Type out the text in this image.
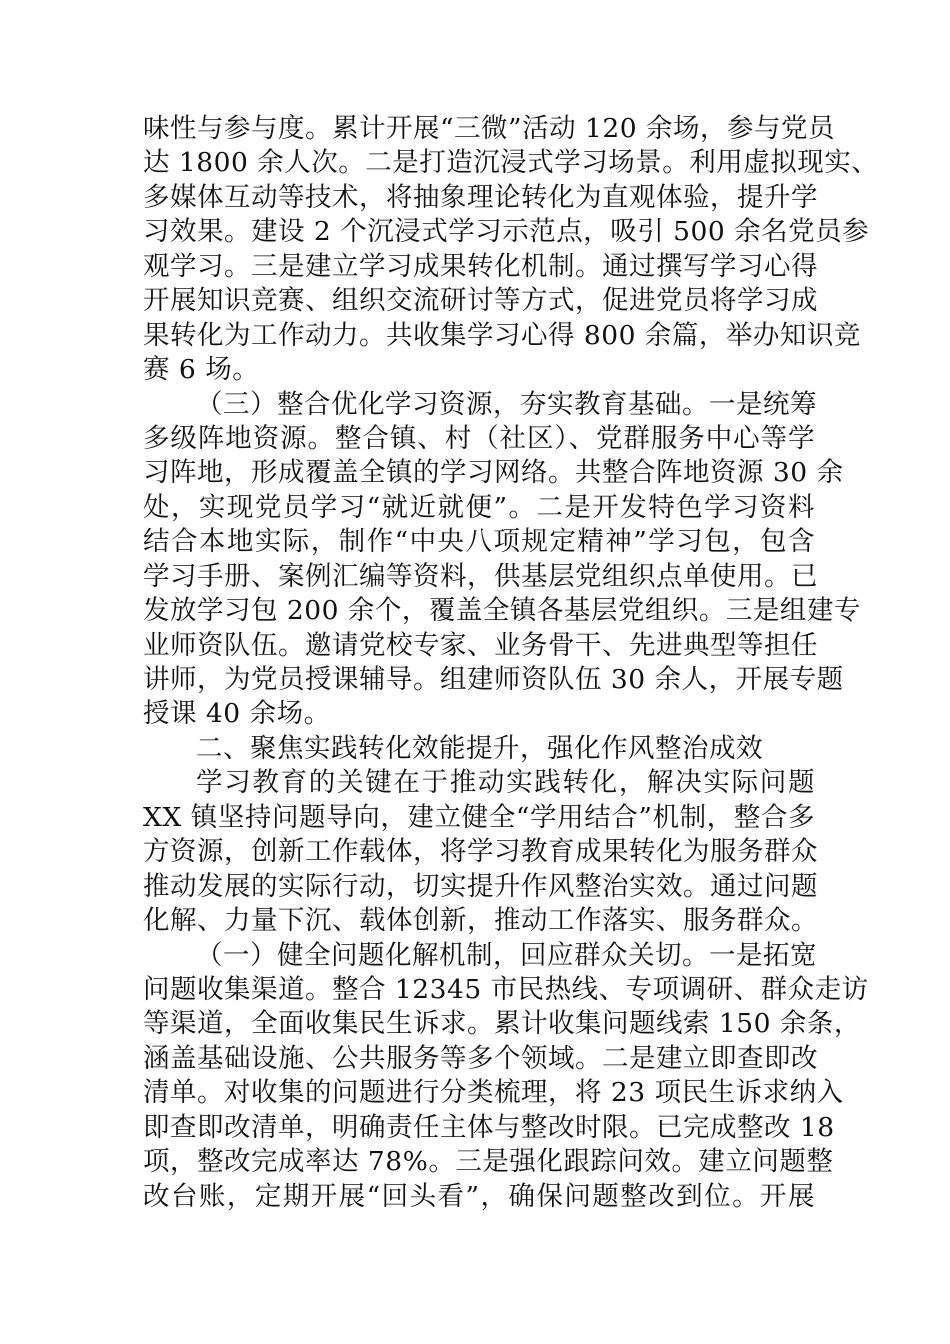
味性与参与度。累计开展“三微”活动 120 余场，参与党员
达 1800 余人次。二是打造沉浸式学习场景。利用虚拟现实、
多媒体互动等技术，将抽象理论转化为直观体验，提升学
习效果。建设 2 个沉浸式学习示范点，吸引 500 余名党员参
观学习。三是建立学习成果转化机制。通过撰写学习心得
开展知识竞赛、组织交流研讨等方式，促进党员将学习成
果转化为工作动力。共收集学习心得 800 余篇，举办知识竞
赛 6 场。
（三）整合优化学习资源，夯实教育基础。一是统筹
多级阵地资源。整合镇、村（社区）、党群服务中心等学
习阵地，形成覆盖全镇的学习网络。共整合阵地资源 30 余
处，实现党员学习“就近就便”。二是开发特色学习资料
结合本地实际，制作“中央八项规定精神”学习包，包含
学习手册、案例汇编等资料，供基层党组织点单使用。已
发放学习包 200 余个，覆盖全镇各基层党组织。三是组建专
业师资队伍。邀请党校专家、业务骨干、先进典型等担任
讲师，为党员授课辅导。组建师资队伍 30 余人，开展专题
授课 40 余场。
二、聚焦实践转化效能提升，强化作风整治成效
学习教育的关键在于推动实践转化，解决实际问题
XX 镇坚持问题导向，建立健全“学用结合”机制，整合多
方资源，创新工作载体，将学习教育成果转化为服务群众
推动发展的实际行动，切实提升作风整治实效。通过问题
化解、力量下沉、载体创新，推动工作落实、服务群众。
（一）健全问题化解机制，回应群众关切。一是拓宽
问题收集渠道。整合 12345 市民热线、专项调研、群众走访
等渠道，全面收集民生诉求。累计收集问题线索 150 余条，
涵盖基础设施、公共服务等多个领域。二是建立即查即改
清单。对收集的问题进行分类梳理，将 23 项民生诉求纳入
即查即改清单，明确责任主体与整改时限。已完成整改 18
项，整改完成率达 78%。三是强化跟踪问效。建立问题整
改台账，定期开展“回头看”，确保问题整改到位。开展
